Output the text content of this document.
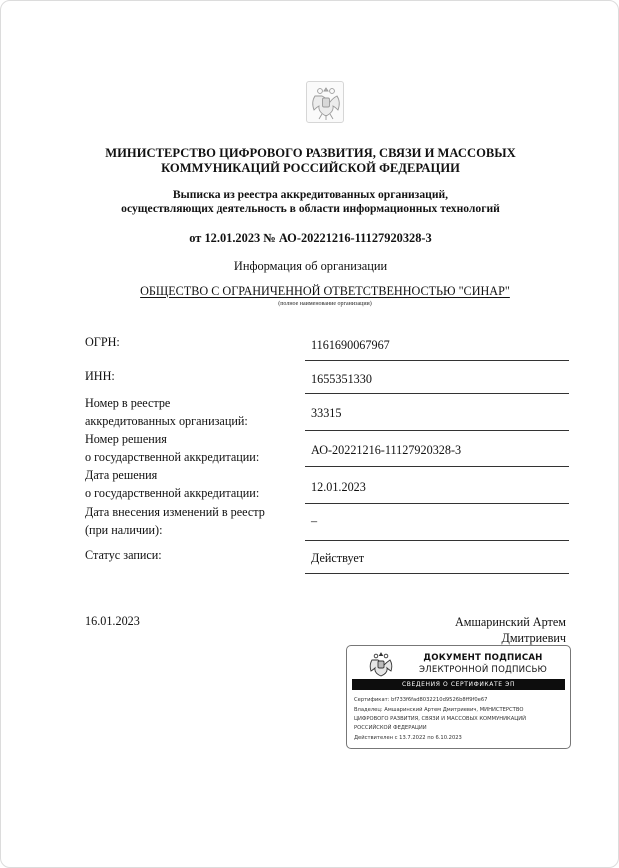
МИНИСТЕРСТВО ЦИФРОВОГО РАЗВИТИЯ, СВЯЗИ И МАССОВЫХ
КОММУНИКАЦИЙ РОССИЙСКОЙ ФЕДЕРАЦИИ
Выписка из реестра аккредитованных организаций,
осуществляющих деятельность в области информационных технологий
от 12.01.2023 № АО-20221216-11127920328-3
Информация об организации
ОБЩЕСТВО С ОГРАНИЧЕННОЙ ОТВЕТСТВЕННОСТЬЮ "СИНАР"
(полное наименование организации)
ОГРН:	1161690067967
ИНН:	1655351330
Номер в реестре
аккредитованных организаций:
33315
Номер решения
о государственной аккредитации:	АО-20221216-11127920328-3
Дата решения
о государственной аккредитации:	12.01.2023
Дата внесения изменений в реестр
(при наличии):
–
Статус записи:	Действует
16.01.2023	Амшаринский Артем
Дмитриевич
ДОКУМЕНТ ПОДПИСАН
ЭЛЕКТРОННОЙ ПОДПИСЬЮ
СВЕДЕНИЯ О СЕРТИФИКАТЕ ЭП
Сертификат: bf733f6fad8032210d9526b8ff9f0e67
Владелец: Амшаринский Артем Дмитриевич, МИНИСТЕРСТВО
ЦИФРОВОГО РАЗВИТИЯ, СВЯЗИ И МАССОВЫХ КОММУНИКАЦИЙ
РОССИЙСКОЙ ФЕДЕРАЦИИ
Действителен с 13.7.2022 по 6.10.2023
